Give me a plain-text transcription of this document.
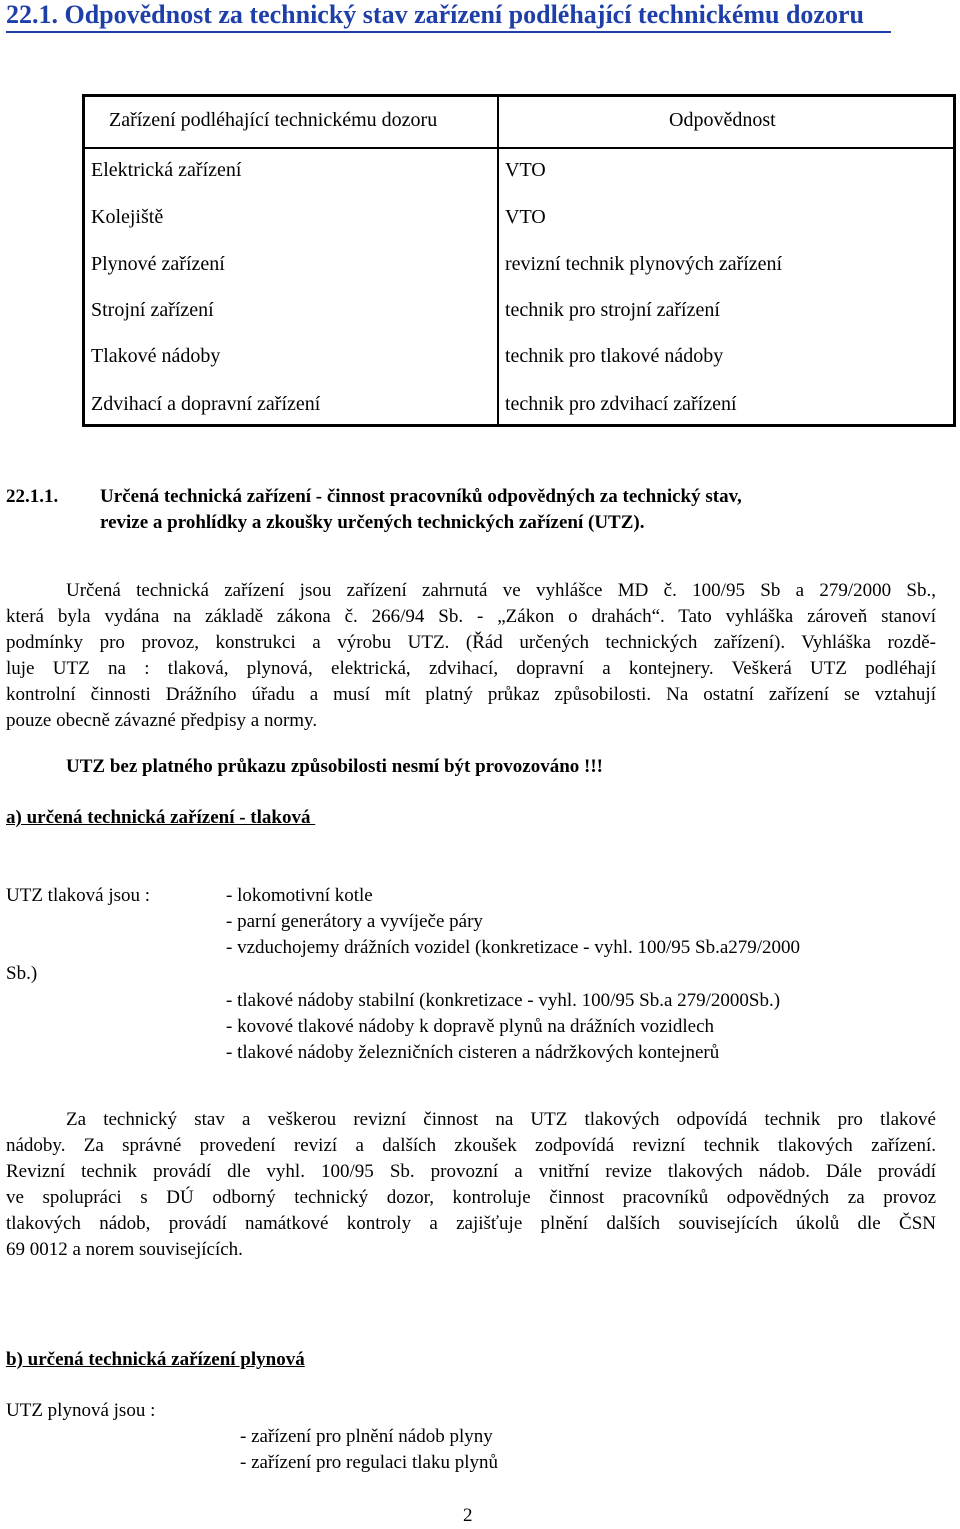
22.1. Odpovědnost za technický stav zařízení podléhající technickému dozoru
Zařízení podléhající technickému dozoru	Odpovědnost
Elektrická zařízení
Kolejiště
Plynové zařízení
Strojní zařízení
Tlakové nádoby
Zdvihací a dopravní zařízení
VTO
VTO
revizní technik plynových zařízení
technik pro strojní zařízení
technik pro tlakové nádoby
technik pro zdvihací zařízení
22.1.1. Určená technická zařízení - činnost pracovníků odpovědných za technický stav,
revize a prohlídky a zkoušky určených technických zařízení (UTZ).
Určená technická zařízení jsou zařízení zahrnutá ve vyhlášce MD č. 100/95 Sb a 279/2000 Sb.,
která byla vydána na základě zákona č. 266/94 Sb. - „Zákon o drahách“. Tato vyhláška zároveň stanoví
podmínky pro provoz, konstrukci a výrobu UTZ. (Řád určených technických zařízení). Vyhláška rozdě-
luje UTZ na : tlaková, plynová, elektrická, zdvihací, dopravní a kontejnery. Veškerá UTZ podléhají
kontrolní činnosti Drážního úřadu a musí mít platný průkaz způsobilosti. Na ostatní zařízení se vztahují
pouze obecně závazné předpisy a normy.
UTZ bez platného průkazu způsobilosti nesmí být provozováno !!!
a) určená technická zařízení - tlaková
UTZ tlaková jsou :
Sb.)
- lokomotivní kotle
- parní generátory a vyvíječe páry
- vzduchojemy drážních vozidel (konkretizace - vyhl. 100/95 Sb.a279/2000
- tlakové nádoby stabilní (konkretizace - vyhl. 100/95 Sb.a 279/2000Sb.)
- kovové tlakové nádoby k dopravě plynů na drážních vozidlech
- tlakové nádoby železničních cisteren a nádržkových kontejnerů
Za technický stav a veškerou revizní činnost na UTZ tlakových odpovídá technik pro tlakové
nádoby. Za správné provedení revizí a dalších zkoušek zodpovídá revizní technik tlakových zařízení.
Revizní technik provádí dle vyhl. 100/95 Sb. provozní a vnitřní revize tlakových nádob. Dále provádí
ve spolupráci s DÚ odborný technický dozor, kontroluje činnost pracovníků odpovědných za provoz
tlakových nádob, provádí namátkové kontroly a zajišťuje plnění dalších souvisejících úkolů dle ČSN
69 0012 a norem souvisejících.
b) určená technická zařízení plynová
UTZ plynová jsou :
- zařízení pro plnění nádob plyny
- zařízení pro regulaci tlaku plynů
2
